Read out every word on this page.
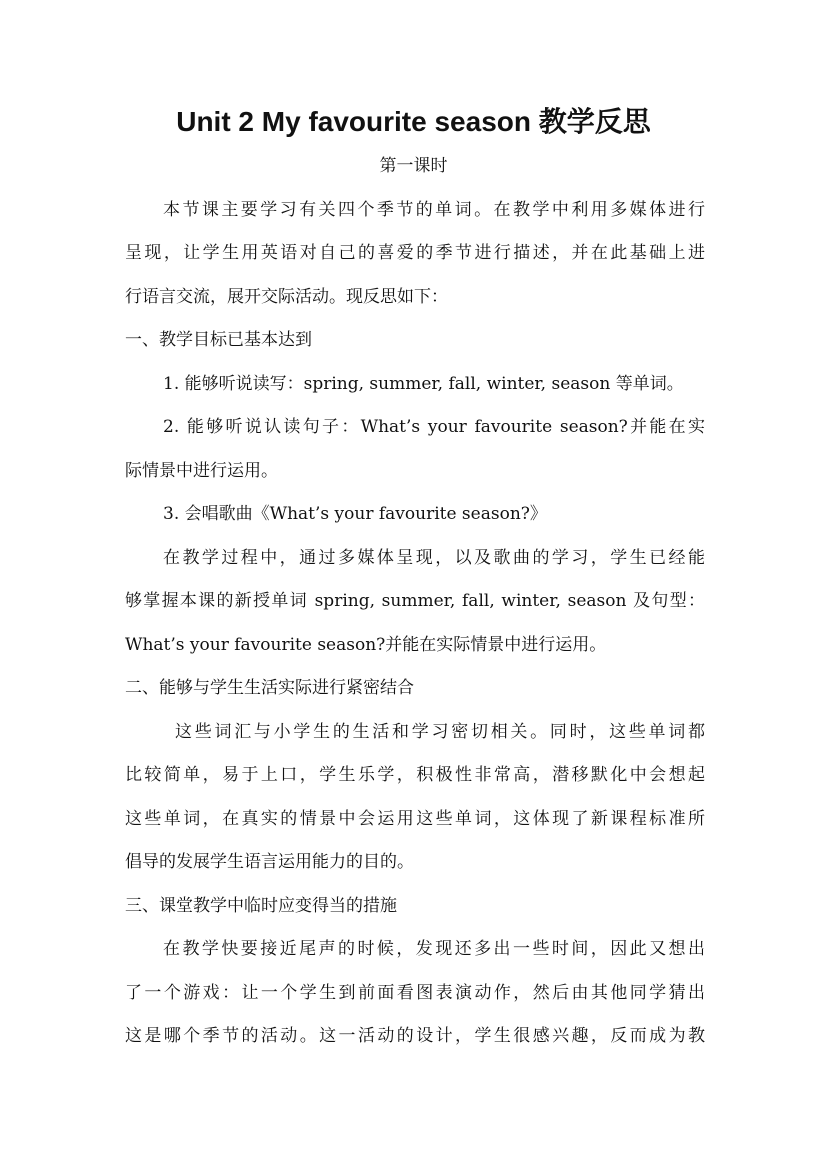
Unit 2 My favourite season 教学反思
第一课时
本节课主要学习有关四个季节的单词。在教学中利用多媒体进行
呈现，让学生用英语对自己的喜爱的季节进行描述，并在此基础上进
行语言交流，展开交际活动。现反思如下：
一、教学目标已基本达到
1. 能够听说读写：spring, summer, fall, winter, season 等单词。
2. 能够听说认读句子：What’s your favourite season?并能在实
际情景中进行运用。
3. 会唱歌曲《What’s your favourite season?》
在教学过程中，通过多媒体呈现，以及歌曲的学习，学生已经能
够掌握本课的新授单词 spring, summer, fall, winter, season 及句型：
What’s your favourite season?并能在实际情景中进行运用。
二、能够与学生生活实际进行紧密结合
这些词汇与小学生的生活和学习密切相关。同时，这些单词都
比较简单，易于上口，学生乐学，积极性非常高，潜移默化中会想起
这些单词，在真实的情景中会运用这些单词，这体现了新课程标准所
倡导的发展学生语言运用能力的目的。
三、课堂教学中临时应变得当的措施
在教学快要接近尾声的时候，发现还多出一些时间，因此又想出
了一个游戏：让一个学生到前面看图表演动作，然后由其他同学猜出
这是哪个季节的活动。这一活动的设计，学生很感兴趣，反而成为教
